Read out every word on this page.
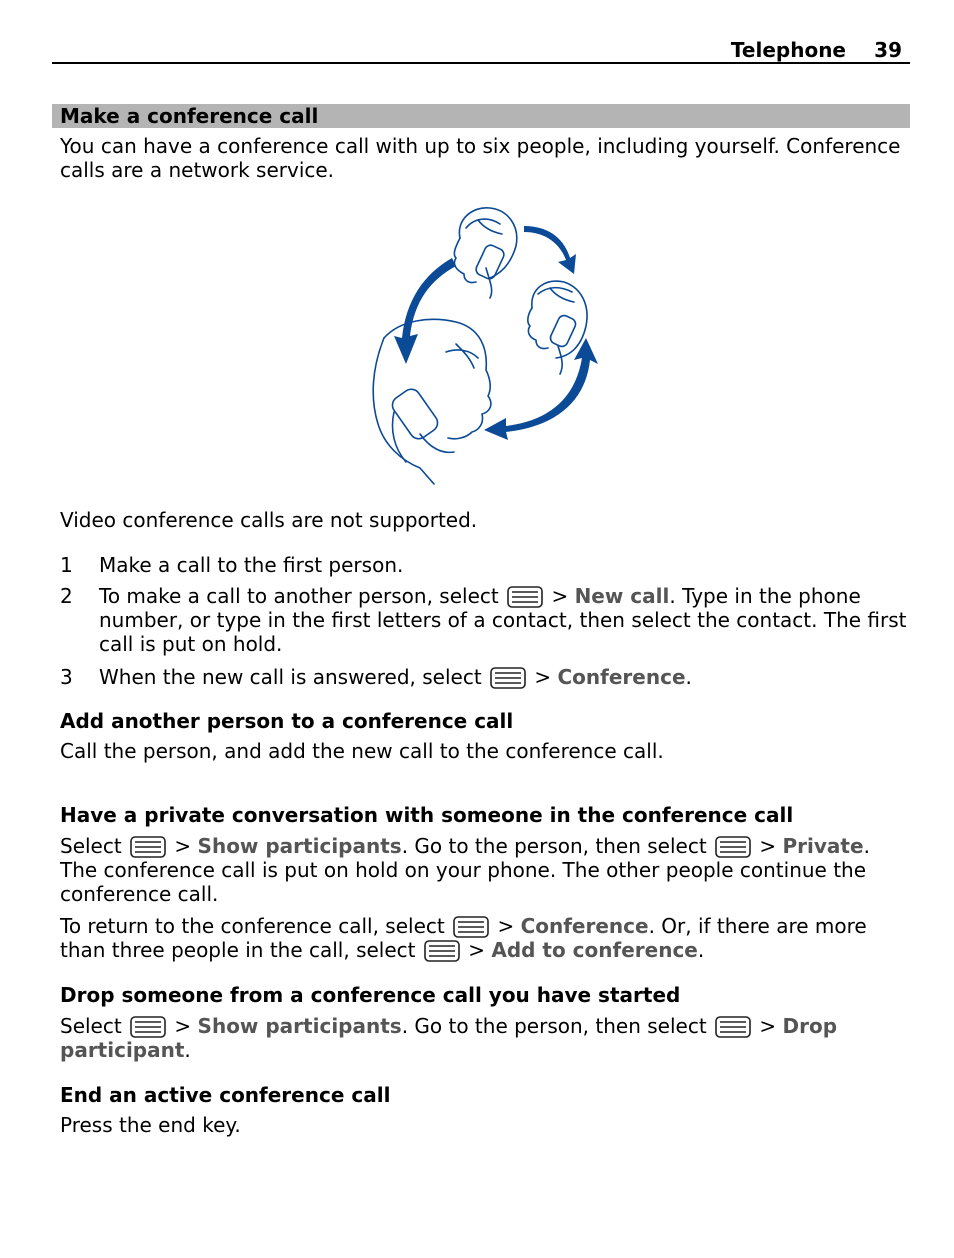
Telephone 39
Make a conference call
You can have a conference call with up to six people, including yourself. Conference calls are a network service.
Video conference calls are not supported.
1 Make a call to the first person.
2 To make a call to another person, select	> New call. Type in the phone number, or type in the first letters of a contact, then select the contact. The first call is put on hold.
3 When the new call is answered, select	> Conference.
Add another person to a conference call
Call the person, and add the new call to the conference call.
Have a private conversation with someone in the conference call
Select	> Show participants. Go to the person, then select	> Private. The conference call is put on hold on your phone. The other people continue the conference call.
To return to the conference call, select	> Conference. Or, if there are more than three people in the call, select	> Add to conference.
Drop someone from a conference call you have started
Select	> Show participants. Go to the person, then select	> Drop participant.
End an active conference call
Press the end key.
